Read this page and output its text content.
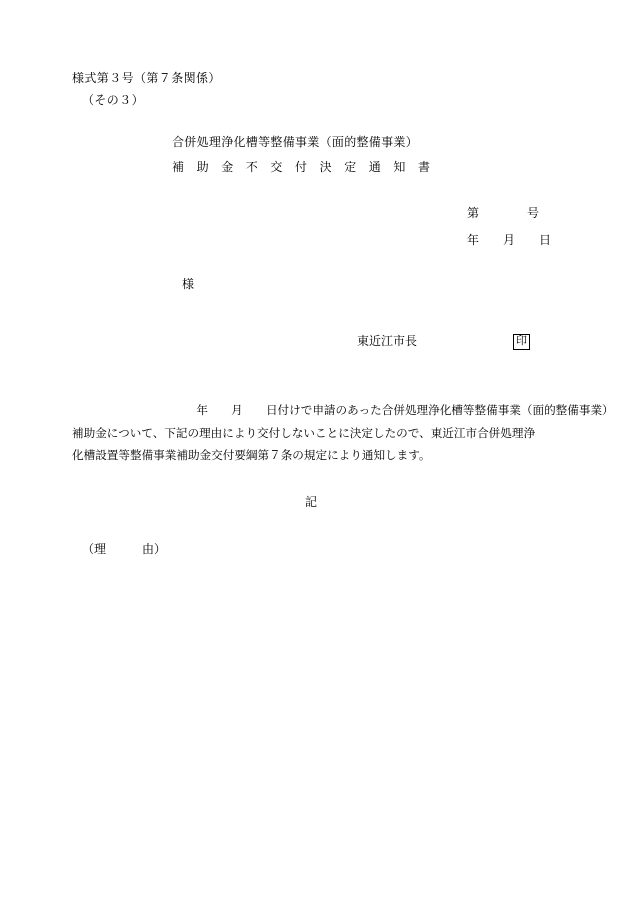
様式第３号（第７条関係）
（その３）
合併処理浄化槽等整備事業（面的整備事業）
補　助　金　不　交　付　決　定　通　知　書
第　　　　号
年　　月　　日
様
東近江市長	印
　　　　年　　月　　日付けで申請のあった合併処理浄化槽等整備事業（面的整備事業）
補助金について、下記の理由により交付しないことに決定したので、東近江市合併処理浄
化槽設置等整備事業補助金交付要綱第７条の規定により通知します。
記
（理　　　由）
